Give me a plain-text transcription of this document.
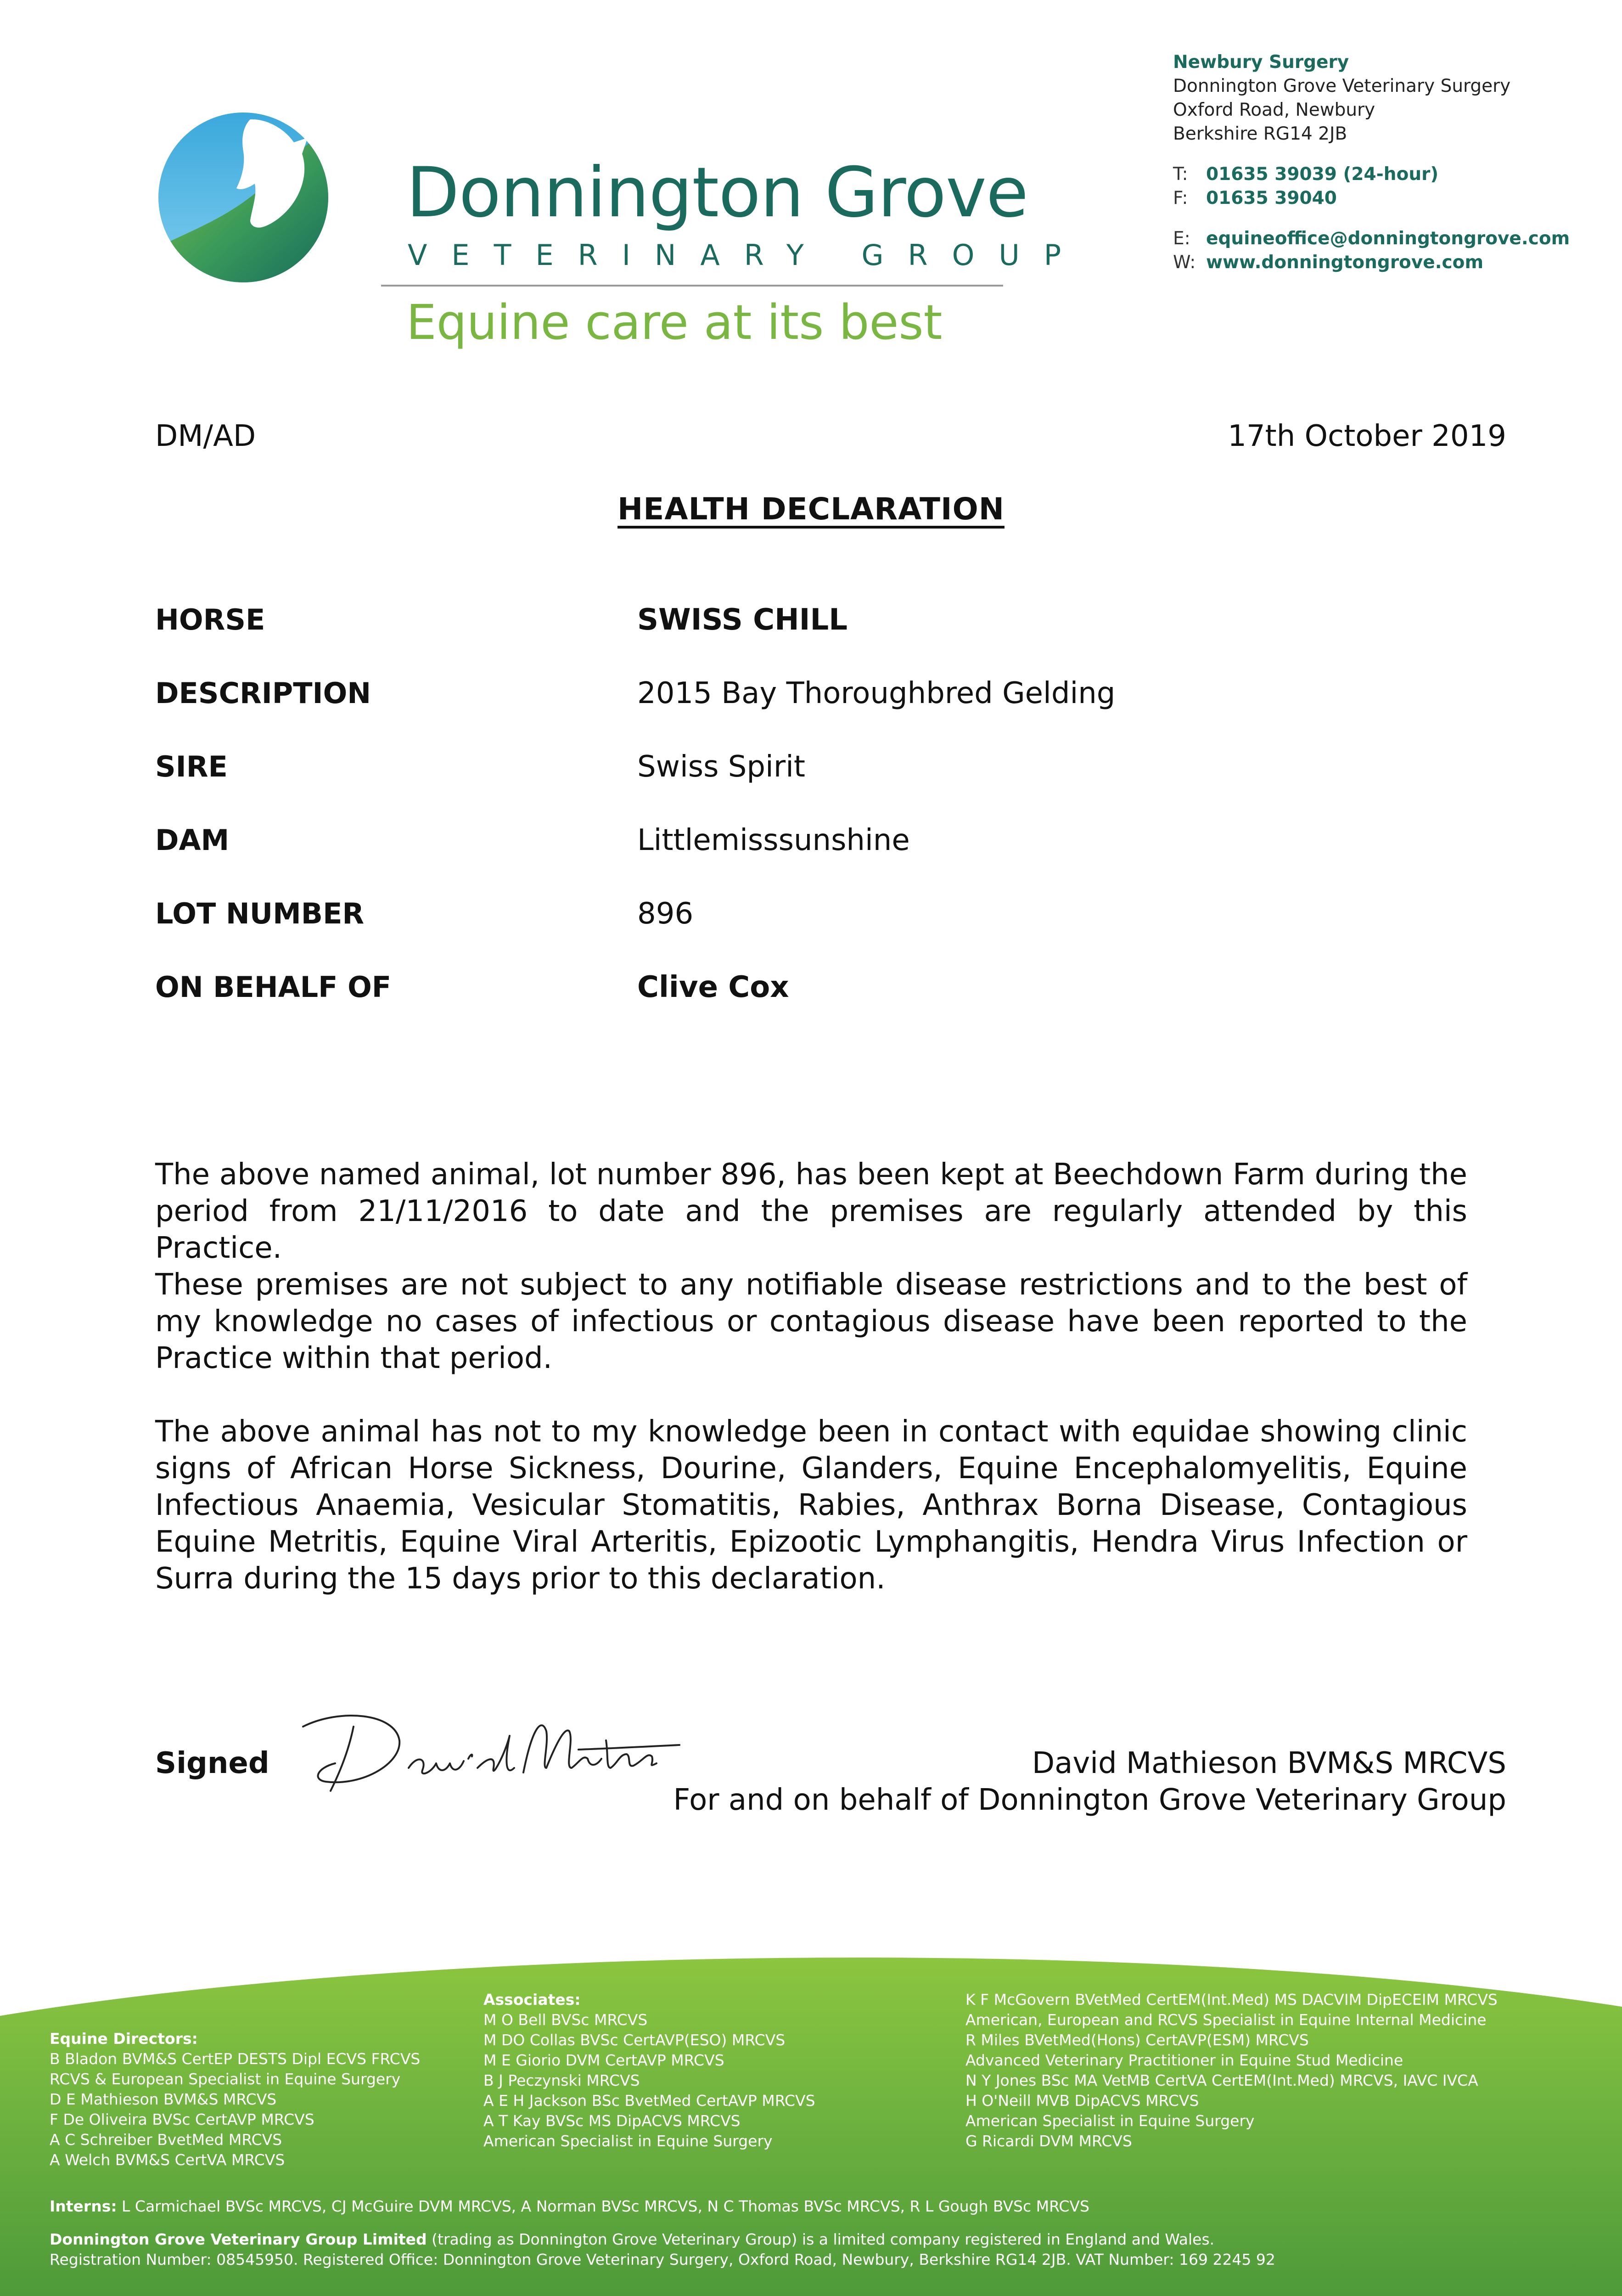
Donnington Grove
VETERINARY GROUP
Equine care at its best
Newbury Surgery
Donnington Grove Veterinary Surgery
Oxford Road, Newbury
Berkshire RG14 2JB
T: 01635 39039 (24-hour)
F: 01635 39040
E: equineoffice@donningtongrove.com
W: www.donningtongrove.com
DM/AD	17th October 2019
HEALTH DECLARATION
HORSE	SWISS CHILL
DESCRIPTION	2015 Bay Thoroughbred Gelding
SIRE	Swiss Spirit
DAM	Littlemisssunshine
LOT NUMBER	896
ON BEHALF OF	Clive Cox
The above named animal, lot number 896, has been kept at Beechdown Farm during the period from 21/11/2016 to date and the premises are regularly attended by this Practice.
These premises are not subject to any notifiable disease restrictions and to the best of my knowledge no cases of infectious or contagious disease have been reported to the Practice within that period.
The above animal has not to my knowledge been in contact with equidae showing clinic signs of African Horse Sickness, Dourine, Glanders, Equine Encephalomyelitis, Equine Infectious Anaemia, Vesicular Stomatitis, Rabies, Anthrax Borna Disease, Contagious Equine Metritis, Equine Viral Arteritis, Epizootic Lymphangitis, Hendra Virus Infection or Surra during the 15 days prior to this declaration.
Signed	David Mathieson BVM&S MRCVS
For and on behalf of Donnington Grove Veterinary Group
Equine Directors:
B Bladon BVM&S CertEP DESTS Dipl ECVS FRCVS
RCVS & European Specialist in Equine Surgery
D E Mathieson BVM&S MRCVS
F De Oliveira BVSc CertAVP MRCVS
A C Schreiber BvetMed MRCVS
A Welch BVM&S CertVA MRCVS
Associates:
M O Bell BVSc MRCVS
M DO Collas BVSc CertAVP(ESO) MRCVS
M E Giorio DVM CertAVP MRCVS
B J Peczynski MRCVS
A E H Jackson BSc BvetMed CertAVP MRCVS
A T Kay BVSc MS DipACVS MRCVS
American Specialist in Equine Surgery
K F McGovern BVetMed CertEM(Int.Med) MS DACVIM DipECEIM MRCVS
American, European and RCVS Specialist in Equine Internal Medicine
R Miles BVetMed(Hons) CertAVP(ESM) MRCVS
Advanced Veterinary Practitioner in Equine Stud Medicine
N Y Jones BSc MA VetMB CertVA CertEM(Int.Med) MRCVS, IAVC IVCA
H O'Neill MVB DipACVS MRCVS
American Specialist in Equine Surgery
G Ricardi DVM MRCVS
Interns: L Carmichael BVSc MRCVS, CJ McGuire DVM MRCVS, A Norman BVSc MRCVS, N C Thomas BVSc MRCVS, R L Gough BVSc MRCVS
Donnington Grove Veterinary Group Limited (trading as Donnington Grove Veterinary Group) is a limited company registered in England and Wales.
Registration Number: 08545950. Registered Office: Donnington Grove Veterinary Surgery, Oxford Road, Newbury, Berkshire RG14 2JB. VAT Number: 169 2245 92
